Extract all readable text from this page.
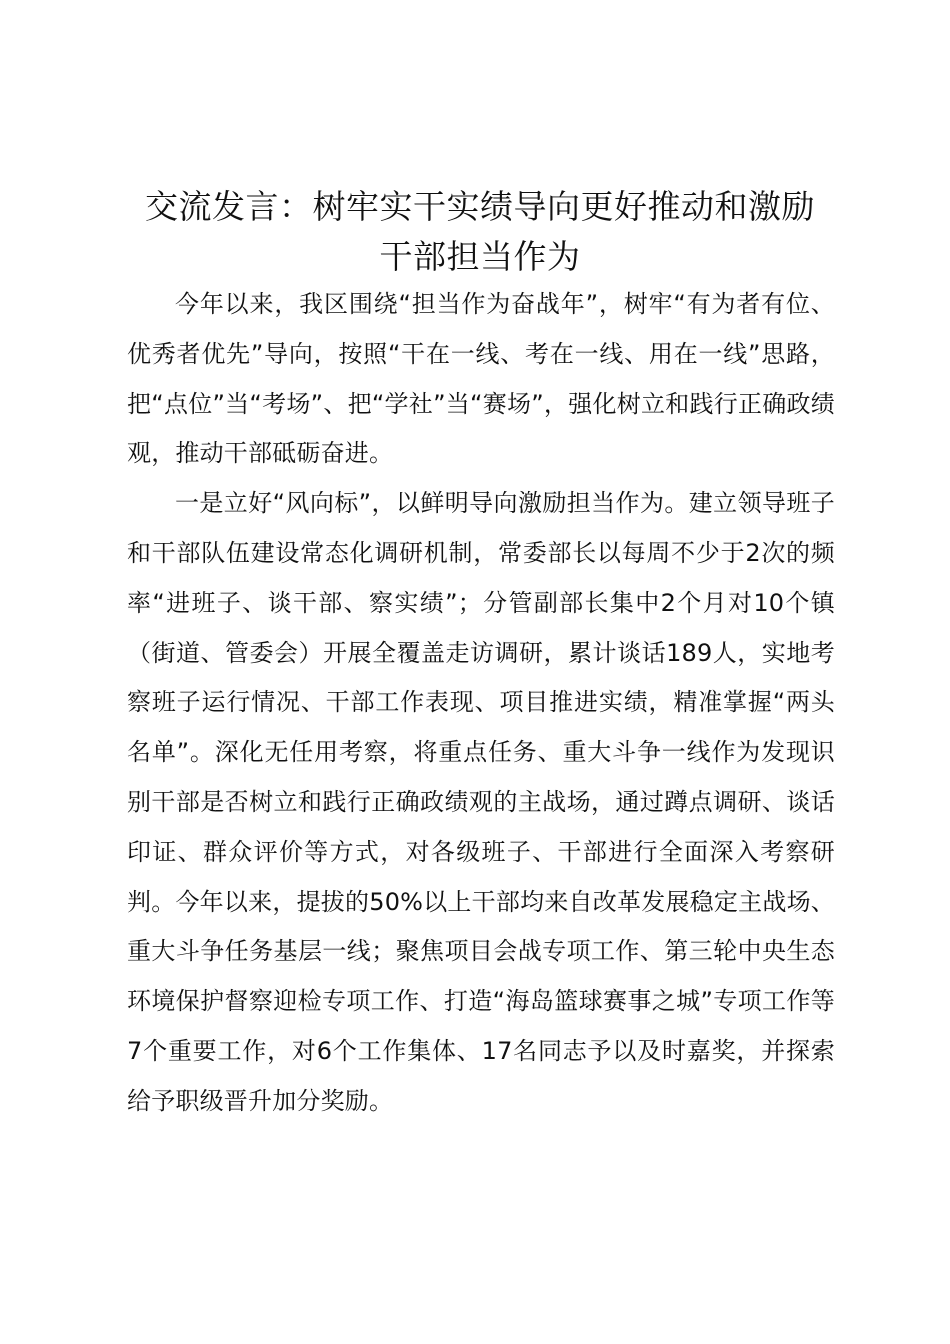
交流发言：树牢实干实绩导向更好推动和激励
干部担当作为

今年以来，我区围绕“担当作为奋战年”，树牢“有为者有位、优秀者优先”导向，按照“干在一线、考在一线、用在一线”思路，把“点位”当“考场”、把“学社”当“赛场”，强化树立和践行正确政绩观，推动干部砥砺奋进。

一是立好“风向标”，以鲜明导向激励担当作为。建立领导班子和干部队伍建设常态化调研机制，常委部长以每周不少于2次的频率“进班子、谈干部、察实绩”；分管副部长集中2个月对10个镇（街道、管委会）开展全覆盖走访调研，累计谈话189人，实地考察班子运行情况、干部工作表现、项目推进实绩，精准掌握“两头名单”。深化无任用考察，将重点任务、重大斗争一线作为发现识别干部是否树立和践行正确政绩观的主战场，通过蹲点调研、谈话印证、群众评价等方式，对各级班子、干部进行全面深入考察研判。今年以来，提拔的50%以上干部均来自改革发展稳定主战场、重大斗争任务基层一线；聚焦项目会战专项工作、第三轮中央生态环境保护督察迎检专项工作、打造“海岛篮球赛事之城”专项工作等7个重要工作，对6个工作集体、17名同志予以及时嘉奖，并探索给予职级晋升加分奖励。
